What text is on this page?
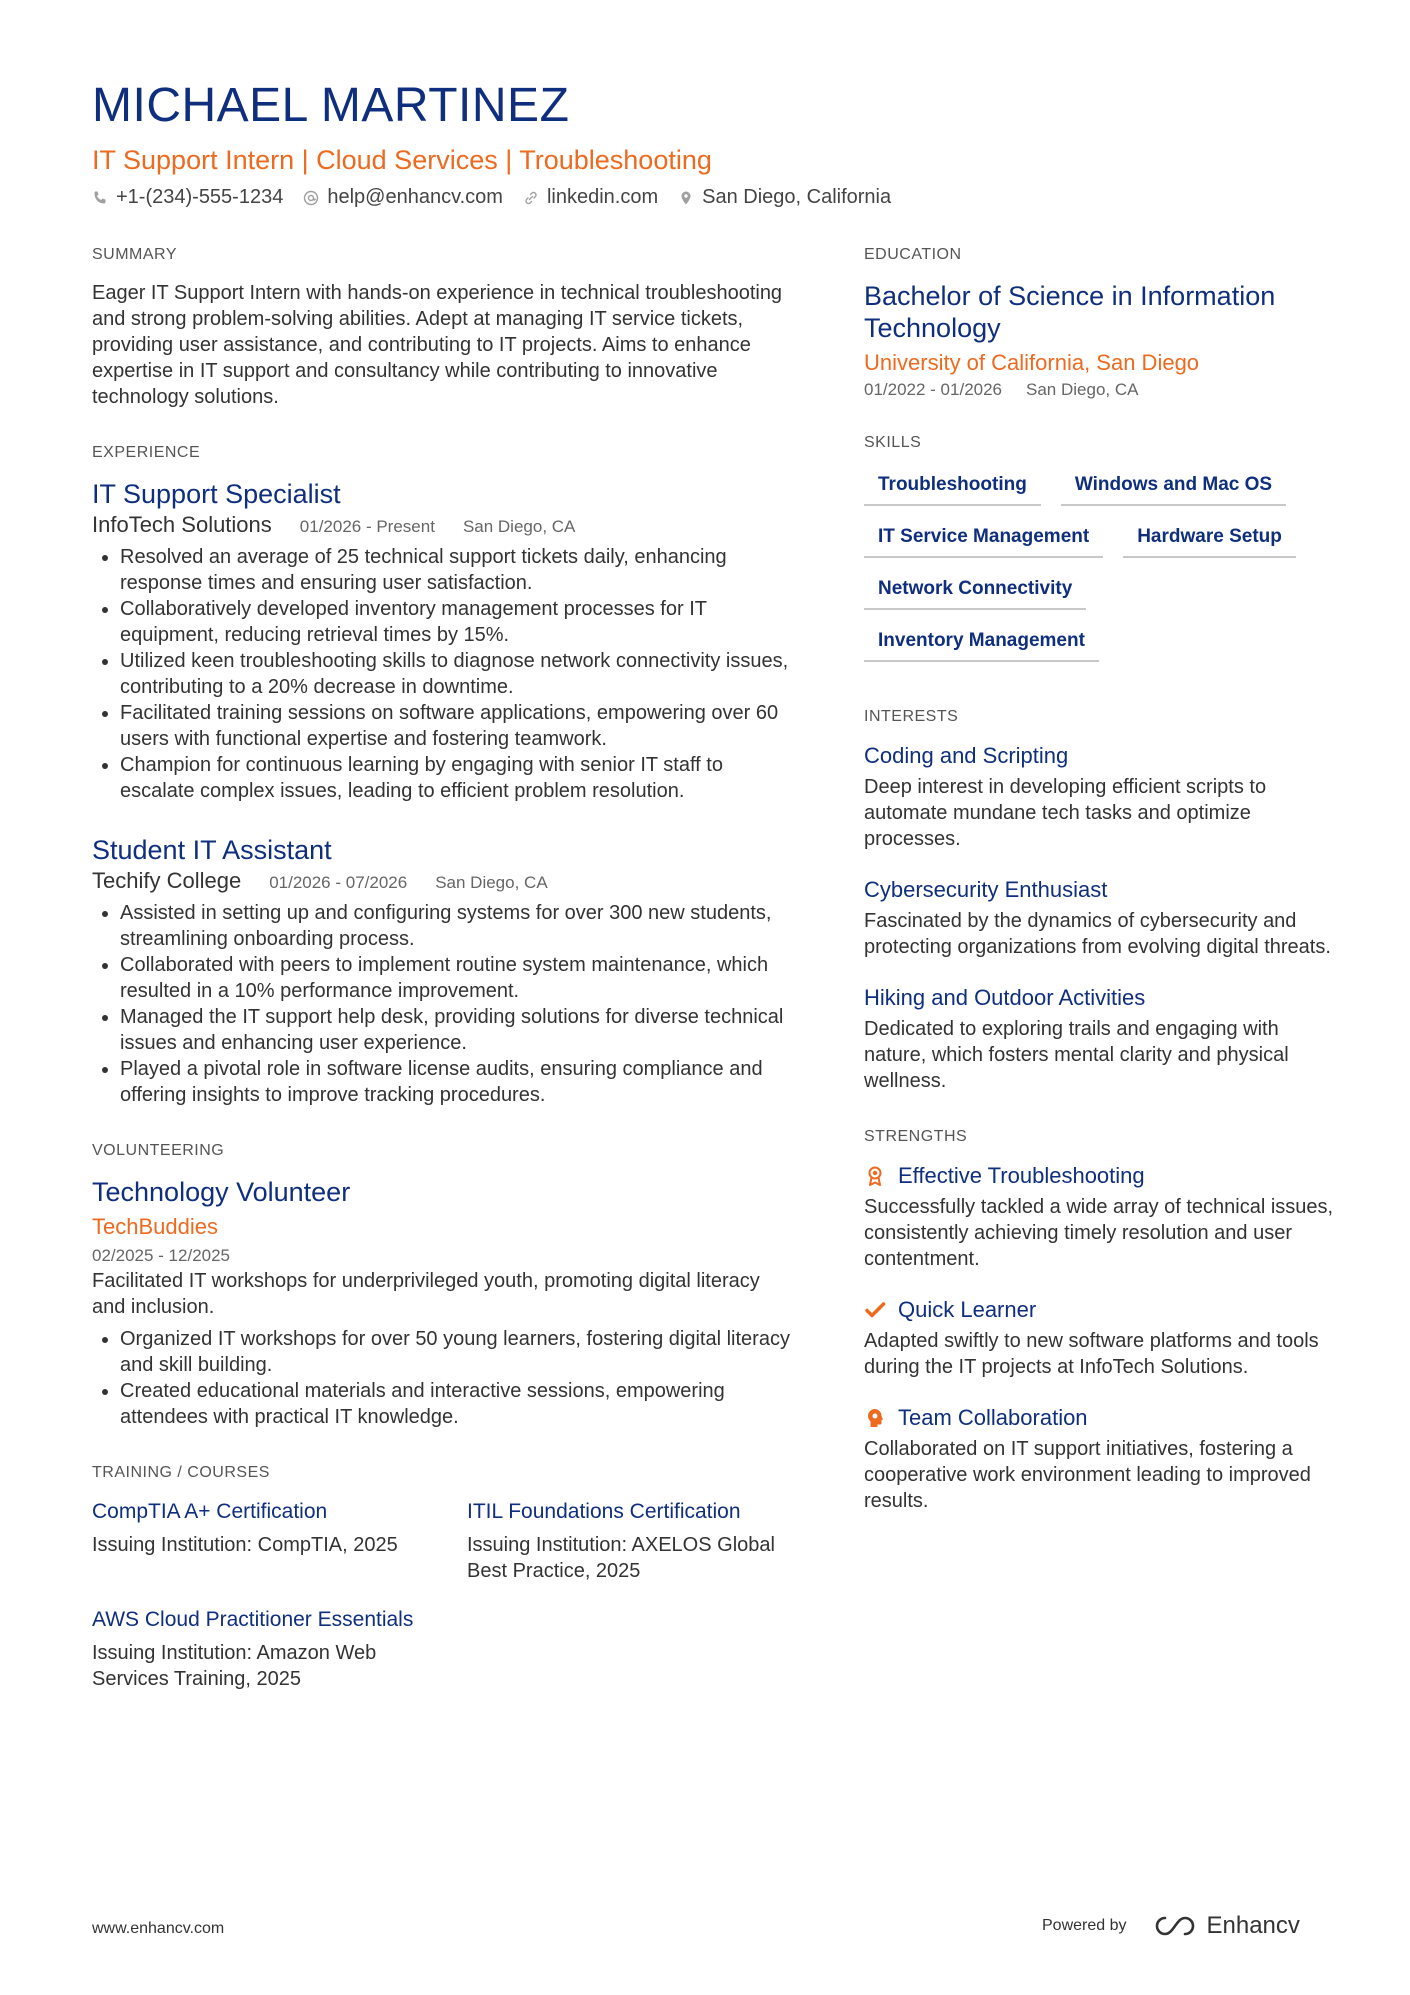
MICHAEL MARTINEZ
IT Support Intern | Cloud Services | Troubleshooting
+1-(234)-555-1234 help@enhancv.com linkedin.com San Diego, California
SUMMARY
Eager IT Support Intern with hands-on experience in technical troubleshooting and strong problem-solving abilities. Adept at managing IT service tickets, providing user assistance, and contributing to IT projects. Aims to enhance expertise in IT support and consultancy while contributing to innovative technology solutions.
EXPERIENCE
IT Support Specialist
InfoTech Solutions 01/2026 - Present San Diego, CA
• Resolved an average of 25 technical support tickets daily, enhancing response times and ensuring user satisfaction.
• Collaboratively developed inventory management processes for IT equipment, reducing retrieval times by 15%.
• Utilized keen troubleshooting skills to diagnose network connectivity issues, contributing to a 20% decrease in downtime.
• Facilitated training sessions on software applications, empowering over 60 users with functional expertise and fostering teamwork.
• Champion for continuous learning by engaging with senior IT staff to escalate complex issues, leading to efficient problem resolution.
Student IT Assistant
Techify College 01/2026 - 07/2026 San Diego, CA
• Assisted in setting up and configuring systems for over 300 new students, streamlining onboarding process.
• Collaborated with peers to implement routine system maintenance, which resulted in a 10% performance improvement.
• Managed the IT support help desk, providing solutions for diverse technical issues and enhancing user experience.
• Played a pivotal role in software license audits, ensuring compliance and offering insights to improve tracking procedures.
VOLUNTEERING
Technology Volunteer
TechBuddies
02/2025 - 12/2025
Facilitated IT workshops for underprivileged youth, promoting digital literacy and inclusion.
• Organized IT workshops for over 50 young learners, fostering digital literacy and skill building.
• Created educational materials and interactive sessions, empowering attendees with practical IT knowledge.
TRAINING / COURSES
CompTIA A+ Certification
Issuing Institution: CompTIA, 2025
ITIL Foundations Certification
Issuing Institution: AXELOS Global Best Practice, 2025
AWS Cloud Practitioner Essentials
Issuing Institution: Amazon Web Services Training, 2025
EDUCATION
Bachelor of Science in Information Technology
University of California, San Diego
01/2022 - 01/2026 San Diego, CA
SKILLS
Troubleshooting	Windows and Mac OS
IT Service Management	Hardware Setup
Network Connectivity
Inventory Management
INTERESTS
Coding and Scripting
Deep interest in developing efficient scripts to automate mundane tech tasks and optimize processes.
Cybersecurity Enthusiast
Fascinated by the dynamics of cybersecurity and protecting organizations from evolving digital threats.
Hiking and Outdoor Activities
Dedicated to exploring trails and engaging with nature, which fosters mental clarity and physical wellness.
STRENGTHS
Effective Troubleshooting
Successfully tackled a wide array of technical issues, consistently achieving timely resolution and user contentment.
Quick Learner
Adapted swiftly to new software platforms and tools during the IT projects at InfoTech Solutions.
Team Collaboration
Collaborated on IT support initiatives, fostering a cooperative work environment leading to improved results.
www.enhancv.com	Powered by	Enhancv
